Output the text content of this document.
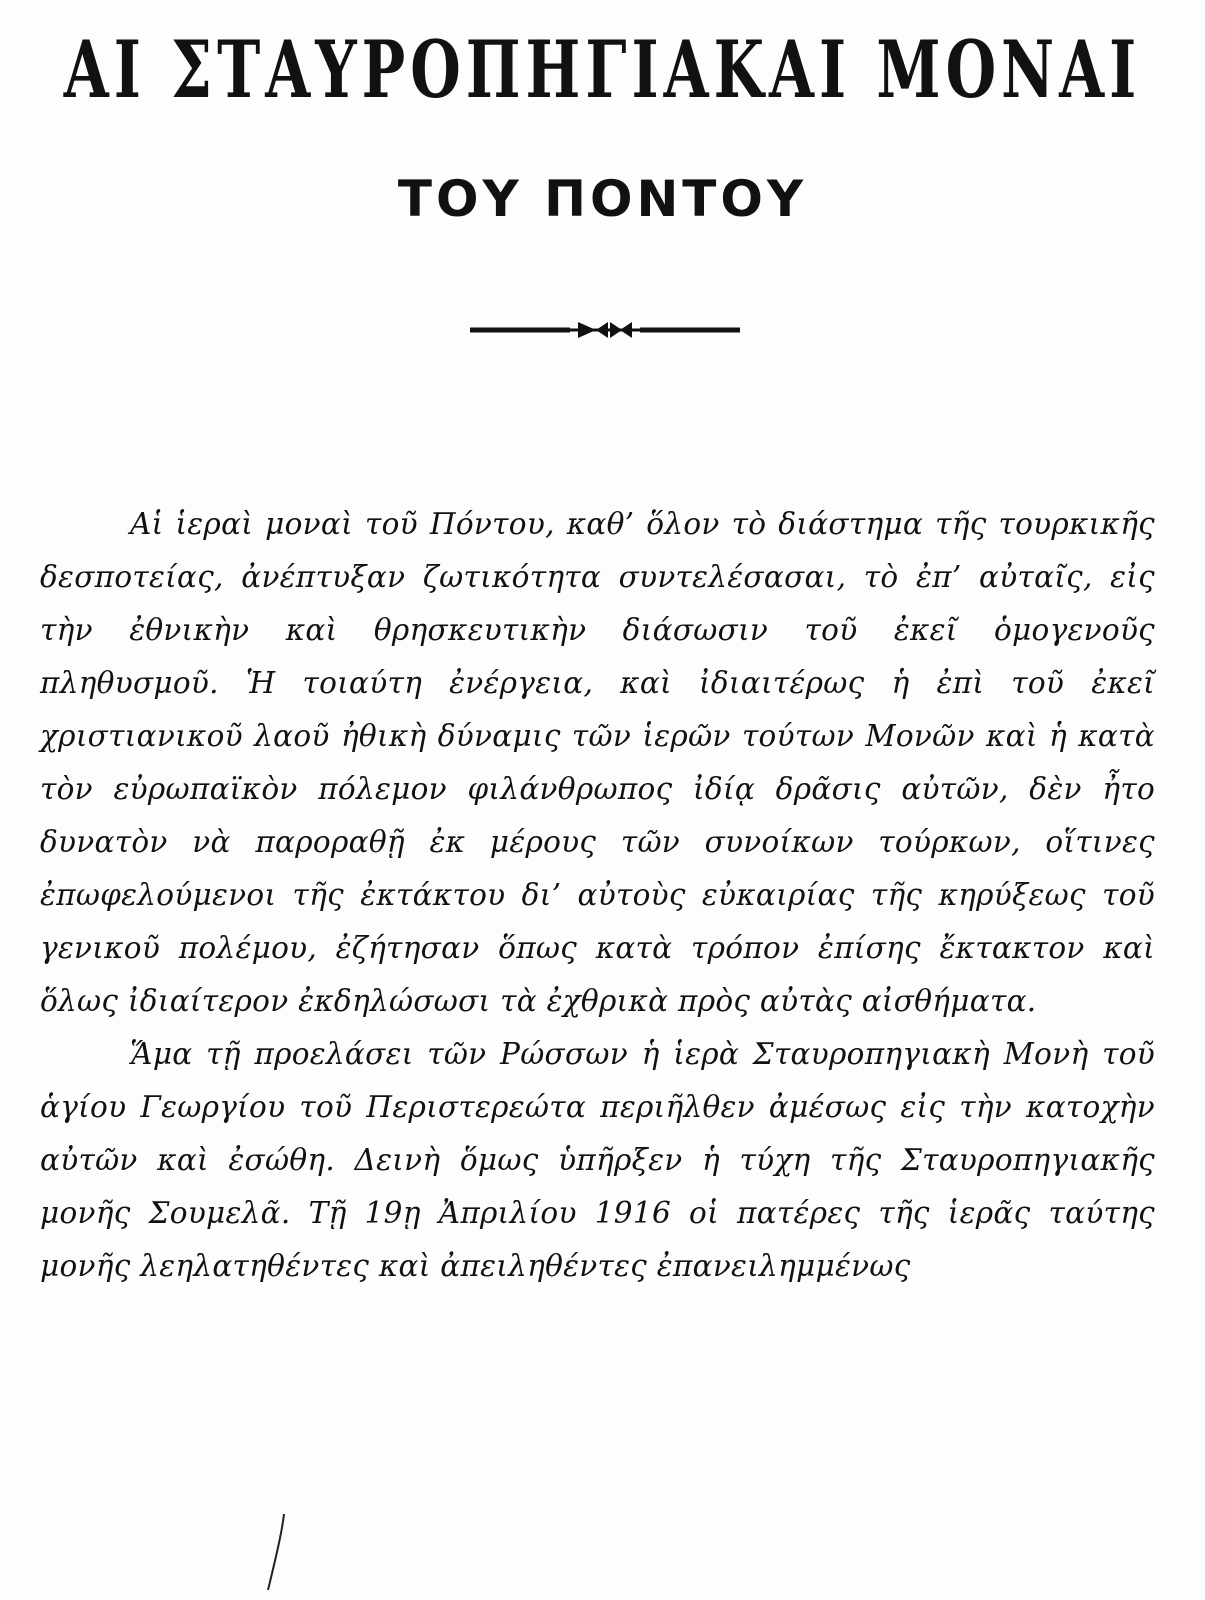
ΑΙ ΣΤΑΥΡΟΠΗΓΙΑΚΑΙ ΜΟΝΑΙ
ΤΟΥ ΠΟΝΤΟΥ

Αἱ ἱεραὶ μοναὶ τοῦ Πόντου, καθ’ ὅλον τὸ διάστημα τῆς τουρκικῆς δεσποτείας, ἀνέπτυξαν ζωτικότητα συντελέσασαι, τὸ ἐπ’ αὐταῖς, εἰς τὴν ἐθνικὴν καὶ θρησκευτικὴν διάσωσιν τοῦ ἐκεῖ ὁμογενοῦς πληθυσμοῦ. Ἡ τοιαύτη ἐνέργεια, καὶ ἰδιαιτέρως ἡ ἐπὶ τοῦ ἐκεῖ χριστιανικοῦ λαοῦ ἠθικὴ δύναμις τῶν ἱερῶν τούτων Μονῶν καὶ ἡ κατὰ τὸν εὐρωπαϊκὸν πόλεμον φιλάνθρωπος ἰδίᾳ δρᾶσις αὐτῶν, δὲν ἦτο δυνατὸν νὰ παροραθῇ ἐκ μέρους τῶν συνοίκων τούρκων, οἵτινες ἐπωφελούμενοι τῆς ἐκτάκτου δι’ αὐτοὺς εὐκαιρίας τῆς κηρύξεως τοῦ γενικοῦ πολέμου, ἐζήτησαν ὅπως κατὰ τρόπον ἐπίσης ἔκτακτον καὶ ὅλως ἰδιαίτερον ἐκδηλώσωσι τὰ ἐχθρικὰ πρὸς αὐτὰς αἰσθήματα.

Ἅμα τῇ προελάσει τῶν Ρώσσων ἡ ἱερὰ Σταυροπηγιακὴ Μονὴ τοῦ ἁγίου Γεωργίου τοῦ Περιστερεώτα περιῆλθεν ἀμέσως εἰς τὴν κατοχὴν αὐτῶν καὶ ἐσώθη. Δεινὴ ὅμως ὑπῆρξεν ἡ τύχη τῆς Σταυροπηγιακῆς μονῆς Σουμελᾶ. Τῇ 19ῃ Ἀπριλίου 1916 οἱ πατέρες τῆς ἱερᾶς ταύτης μονῆς λεηλατηθέντες καὶ ἀπειληθέντες ἐπανειλημμένως
